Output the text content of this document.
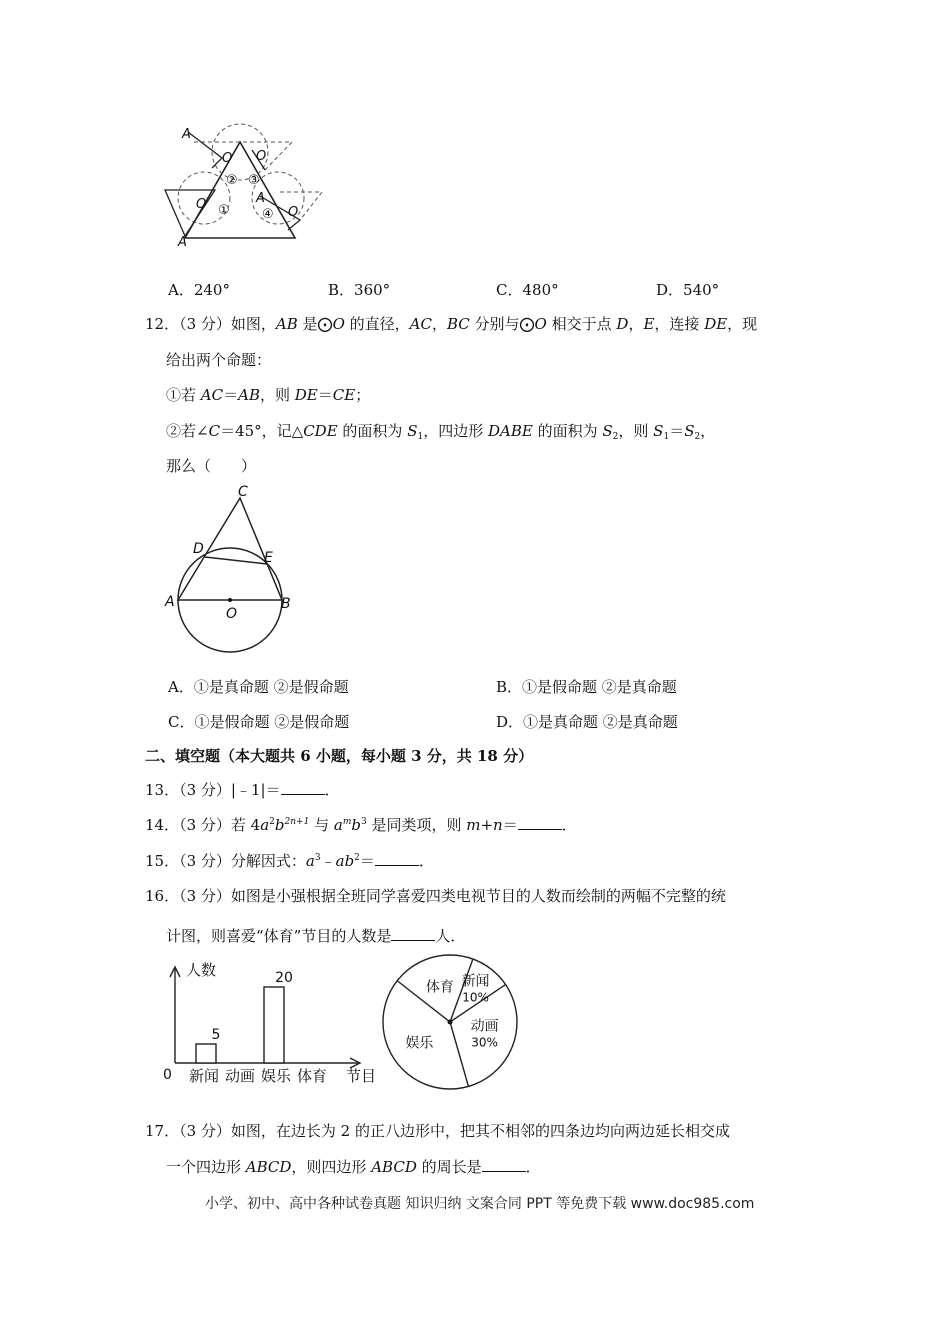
A
A
A
O O
O
O
② ③
① ④
A．240°	B．360°	C．480°	D．540°
12．（3 分）如图，AB 是⨀O 的直径，AC，BC 分别与⨀O 相交于点 D，E，连接 DE，现
给出两个命题：
①若 AC＝AB，则 DE＝CE；
②若∠C＝45°，记△CDE 的面积为 $S_1$，四边形 DABE 的面积为 $S_2$，则 $S_1=S_2$，
那么（　　）
C
D
E
A	B
O
A．①是真命题 ②是假命题	B．①是假命题 ②是真命题
C．①是假命题 ②是假命题	D．①是真命题 ②是真命题
二、填空题（本大题共 6 小题，每小题 3 分，共 18 分）
13．（3 分）|﹣1|＝	．
14．（3 分）若 $4a^2b^{2n+1}$ 与 $a^mb^3$ 是同类项，则 m+n＝	．
15．（3 分）分解因式：$a^3﹣ab^2=$	．
16．（3 分）如图是小强根据全班同学喜爱四类电视节目的人数而绘制的两幅不完整的统
计图，则喜爱“体育”节目的人数是	人．
人数
0	节目
5
新闻 动画
20
娱乐 体育
新闻
10%
动画
30%
娱乐
体育
17．（3 分）如图，在边长为 2 的正八边形中，把其不相邻的四条边均向两边延长相交成
一个四边形 ABCD，则四边形 ABCD 的周长是	．
小学、初中、高中各种试卷真题 知识归纳 文案合同 PPT 等免费下载 www.doc985.com
